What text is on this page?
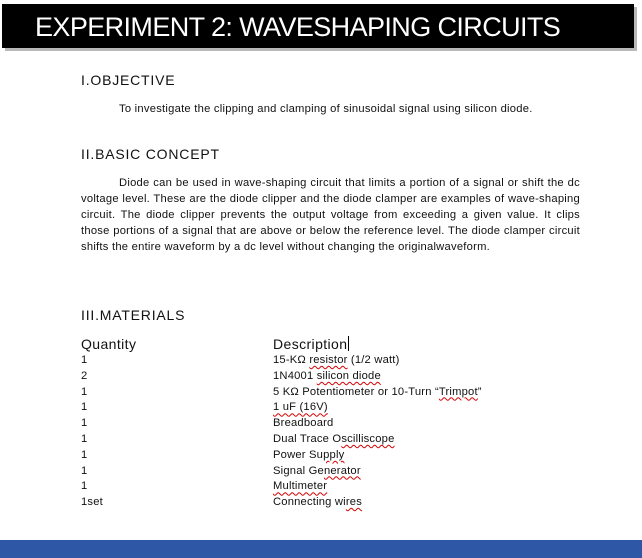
EXPERIMENT 2: WAVESHAPING CIRCUITS
I.OBJECTIVE
To investigate the clipping and clamping of sinusoidal signal using silicon diode.
II.BASIC CONCEPT
Diode can be used in wave-shaping circuit that limits a portion of a signal or shift the dc voltage level. These are the diode clipper and the diode clamper are examples of wave-shaping circuit. The diode clipper prevents the output voltage from exceeding a given value. It clips those portions of a signal that are above or below the reference level. The diode clamper circuit shifts the entire waveform by a dc level without changing the originalwaveform.
III.MATERIALS
Quantity	Description
1	15-KΩ resistor (1/2 watt)
2	1N4001 silicon diode
1	5 KΩ Potentiometer or 10-Turn “Trimpot”
1	1 uF (16V)
1	Breadboard
1	Dual Trace Oscilliscope
1	Power Supply
1	Signal Generator
1	Multimeter
1set	Connecting wires
